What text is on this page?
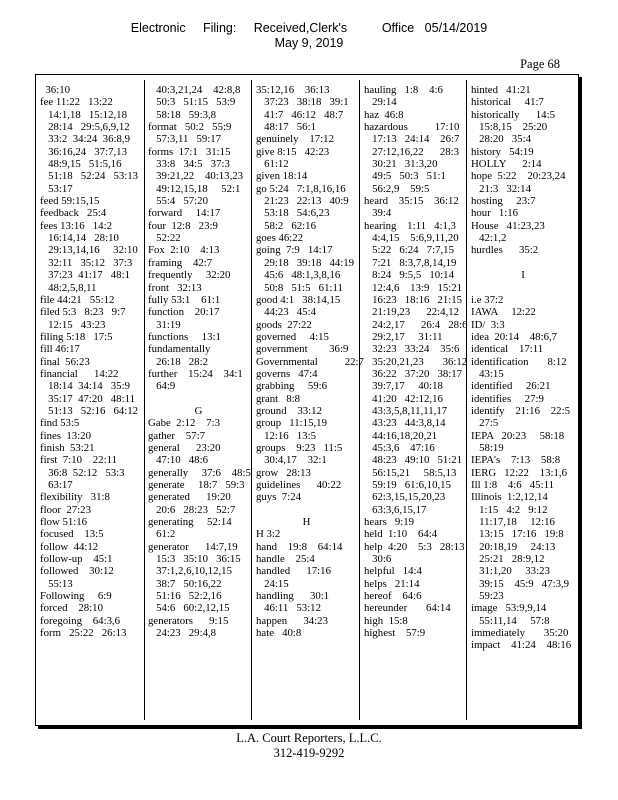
Electronic     Filing:     Received,Clerk's          Office   05/14/2019
May 9, 2019
Page 68
36:10
fee 11:22   13:22
14:1,18   15:12,18
28:14   29:5,6,9,12
33:2  34:24  36:8,9
36:16,24   37:7,13
48:9,15   51:5,16
51:18   52:24   53:13
53:17
feed 59:15,15
feedback   25:4
fees 13:16   14:2
16:14,14   28:10
29:13,14,16     32:10
32:11   35:12   37:3
37:23  41:17   48:1
48:2,5,8,11
file 44:21   55:12
filed 5:3   8:23   9:7
12:15   43:23
filing 5:18   17:5
fill 46:17
final  56:23
financial      14:22
18:14  34:14   35:9
35:17  47:20   48:11
51:13   52:16   64:12
find 53:5
fines  13:20
finish  53:21
first  7:10    22:11
36:8  52:12   53:3
63:17
flexibility   31:8
floor  27:23
flow 51:16
focused    13:5
follow  44:12
follow-up    45:1
followed    30:12
55:13
Following     6:9
forced    28:10
foregoing    64:3,6
form   25:22   26:13
40:3,21,24    42:8,8
50:3   51:15   53:9
58:18   59:3,8
format   50:2   55:9
57:3,11   59:17
forms  17:1   31:15
33:8   34:5   37:3
39:21,22    40:13,23
49:12,15,18     52:1
55:4   57:20
forward     14:17
four  12:8   23:9
52:22
Fox  2:10    4:13
framing    42:7
frequently     32:20
front   32:13
fully 53:1    61:1
function    20:17
31:19
functions     13:1
fundamentally
26:18   28:2
further    15:24    34:1
64:9
G
Gabe  2:12    7:3
gather    57:7
general      23:20
47:10   48:6
generally     37:6    48:5
generate     18:7   59:3
generated      19:20
20:6   28:23   52:7
generating     52:14
61:2
generator      14:7,19
15:3   35:10   36:15
37:1,2,6,10,12,15
38:7   50:16,22
51:16   52:2,16
54:6   60:2,12,15
generators      9:15
24:23   29:4,8
35:12,16    36:13
37:23   38:18   39:1
41:7   46:12   48:7
48:17   56:1
genuinely    17:12
give 8:15   42:23
61:12
given 18:14
go 5:24   7:1,8,16,16
21:23   22:13   40:9
53:18   54:6,23
58:2   62:16
goes 46:22
going  7:9   14:17
29:18   39:18   44:19
45:6   48:1,3,8,16
50:8   51:5   61:11
good 4:1   38:14,15
44:23   45:4
goods  27:22
governed     4:15
government        36:9
Governmental          22:7
governs   47:4
grabbing     59:6
grant   8:8
ground    33:12
group   11:15,19
12:16   13:5
groups    9:23   11:5
30:4,17    32:1
grow   28:13
guidelines      40:22
guys  7:24
H
H 3:2
hand    19:8    64:14
handle    25:4
handled      17:16
24:15
handling      30:1
46:11   53:12
happen      34:23
hate   40:8
hauling   1:8    4:6
29:14
haz  46:8
hazardous          17:10
17:13   24:14    26:7
27:12,16,22      28:3
30:21   31:3,20
49:5   50:3   51:1
56:2,9    59:5
heard    35:15    36:12
39:4
hearing    1:11   4:1,3
4:4,15    5:6,9,11,20
5:22   6:24   7:7,15
7:21   8:3,7,8,14,19
8:24   9:5,5   10:14
12:4,6    13:9   15:21
16:23   18:16   21:15
21:19,23      22:4,12
24:2,17      26:4   28:6
29:2,17     31:11
32:23   33:24    35:6
35:20,21,23       36:12
36:22   37:20   38:17
39:7,17     40:18
41:20   42:12,16
43:3,5,8,11,11,17
43:23   44:3,8,14
44:16,18,20,21
45:3,6    47:16
48:23   49:10   51:21
56:15,21     58:5,13
59:19   61:6,10,15
62:3,15,15,20,23
63:3,6,15,17
hears   9:19
held  1:10    64:4
help  4:20    5:3   28:13
30:6
helpful   14:4
helps   21:14
hereof    64:6
hereunder       64:14
high  15:8
highest    57:9
hinted   41:21
historical     41:7
historically      14:5
15:8,15    25:20
28:20   35:4
history   54:19
HOLLY      2:14
hope  5:22    20:23,24
21:3   32:14
hosting     23:7
hour   1:16
House   41:23,23
42:1,2
hurdles      35:2
I
i.e 37:2
IAWA     12:22
ID/  3:3
idea  20:14    48:6,7
identical    17:11
identification       8:12
43:15
identified     26:21
identifies     27:9
identify    21:16    22:5
27:5
IEPA   20:23     58:18
58:19
IEPA's    7:13    58:8
IERG   12:22    13:1,6
Ill 1:8    4:6   45:11
Illinois  1:2,12,14
1:15   4:2   9:12
11:17,18     12:16
13:15   17:16   19:8
20:18,19     24:13
25:21   28:9,12
31:1,20     33:23
39:15    45:9   47:3,9
59:23
image   53:9,9,14
55:11,14     57:8
immediately       35:20
impact    41:24    48:16
L.A. Court Reporters, L.L.C.
312-419-9292
